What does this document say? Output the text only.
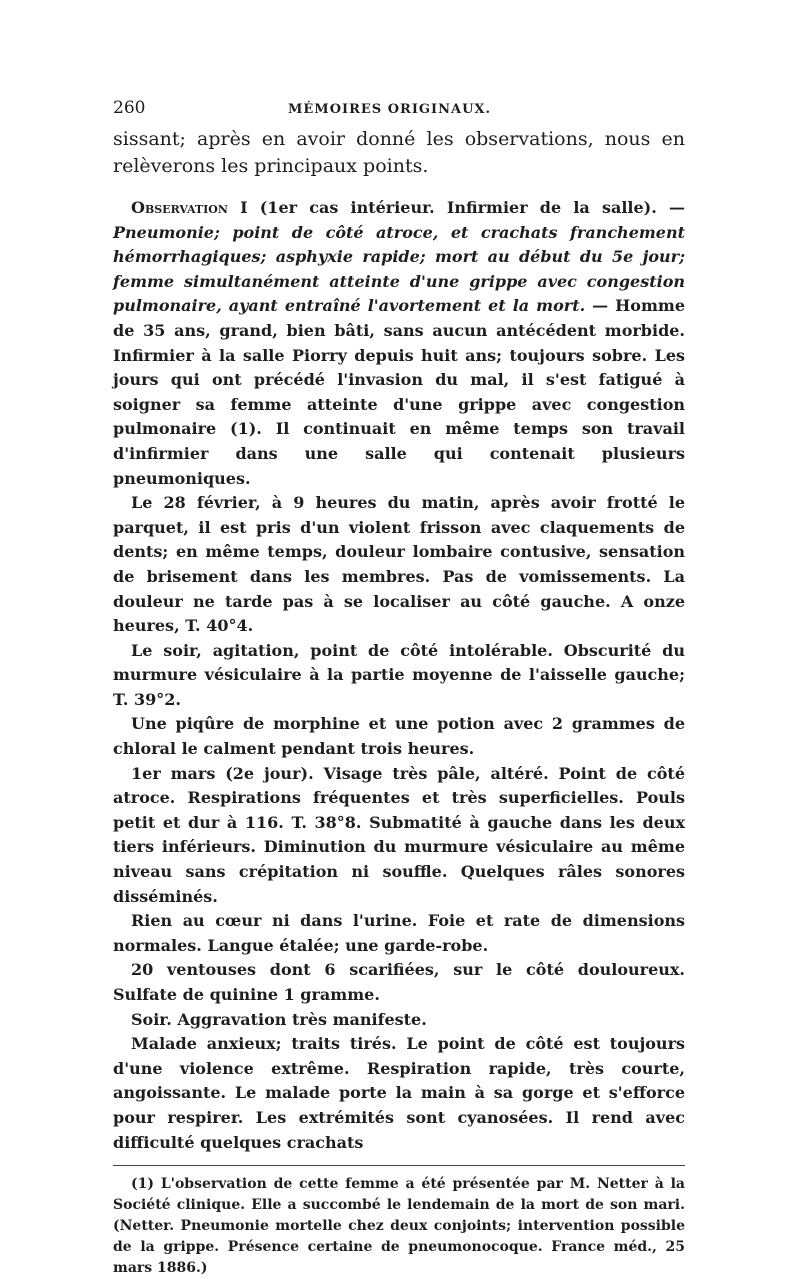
260	MÉMOIRES ORIGINAUX.

sissant; après en avoir donné les observations, nous en relèverons les principaux points.

Observation I (1er cas intérieur. Infirmier de la salle). — Pneumonie; point de côté atroce, et crachats franchement hémorrhagiques; asphyxie rapide; mort au début du 5e jour; femme simultanément atteinte d'une grippe avec congestion pulmonaire, ayant entraîné l'avortement et la mort. — Homme de 35 ans, grand, bien bâti, sans aucun antécédent morbide. Infirmier à la salle Piorry depuis huit ans; toujours sobre. Les jours qui ont précédé l'invasion du mal, il s'est fatigué à soigner sa femme atteinte d'une grippe avec congestion pulmonaire (1). Il continuait en même temps son travail d'infirmier dans une salle qui contenait plusieurs pneumoniques.

Le 28 février, à 9 heures du matin, après avoir frotté le parquet, il est pris d'un violent frisson avec claquements de dents; en même temps, douleur lombaire contusive, sensation de brisement dans les membres. Pas de vomissements. La douleur ne tarde pas à se localiser au côté gauche. A onze heures, T. 40°4.

Le soir, agitation, point de côté intolérable. Obscurité du murmure vésiculaire à la partie moyenne de l'aisselle gauche; T. 39°2.

Une piqûre de morphine et une potion avec 2 grammes de chloral le calment pendant trois heures.

1er mars (2e jour). Visage très pâle, altéré. Point de côté atroce. Respirations fréquentes et très superficielles. Pouls petit et dur à 116. T. 38°8. Submatité à gauche dans les deux tiers inférieurs. Diminution du murmure vésiculaire au même niveau sans crépitation ni souffle. Quelques râles sonores disséminés.

Rien au cœur ni dans l'urine. Foie et rate de dimensions normales. Langue étalée; une garde-robe.

20 ventouses dont 6 scarifiées, sur le côté douloureux. Sulfate de quinine 1 gramme.

Soir. Aggravation très manifeste.

Malade anxieux; traits tirés. Le point de côté est toujours d'une violence extrême. Respiration rapide, très courte, angoissante. Le malade porte la main à sa gorge et s'efforce pour respirer. Les extrémités sont cyanosées. Il rend avec difficulté quelques crachats

(1) L'observation de cette femme a été présentée par M. Netter à la Société clinique. Elle a succombé le lendemain de la mort de son mari. (Netter. Pneumonie mortelle chez deux conjoints; intervention possible de la grippe. Présence certaine de pneumonocoque. France méd., 25 mars 1886.)
